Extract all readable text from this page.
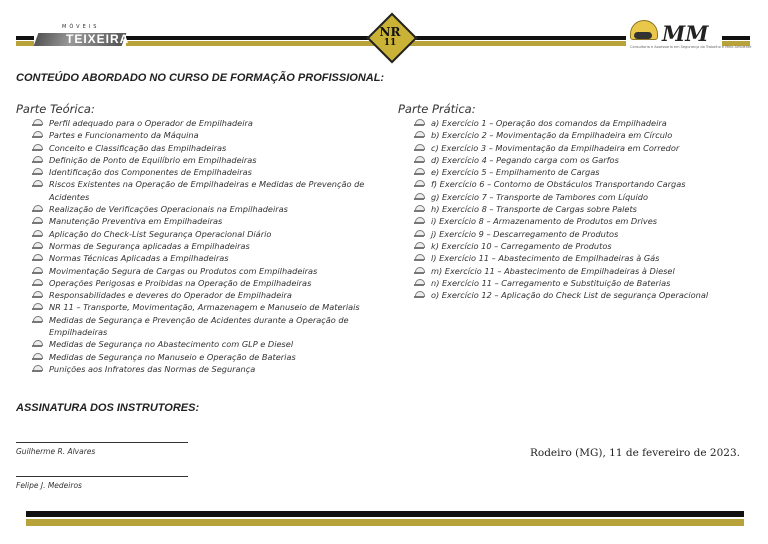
MÓVEIS
TEIXEIRA	NR
11	MM
Consultoria e Assessoria em Segurança do Trabalho e Meio Ambiente
CONTEÚDO ABORDADO NO CURSO DE FORMAÇÃO PROFISSIONAL:
Parte Teórica:
Perfil adequado para o Operador de Empilhadeira
Partes e Funcionamento da Máquina
Conceito e Classificação das Empilhadeiras
Definição de Ponto de Equilíbrio em Empilhadeiras
Identificação dos Componentes de Empilhadeiras
Riscos Existentes na Operação de Empilhadeiras e Medidas de Prevenção de Acidentes
Realização de Verificações Operacionais na Empilhadeiras
Manutenção Preventiva em Empilhadeiras
Aplicação do Check-List Segurança Operacional Diário
Normas de Segurança aplicadas a Empilhadeiras
Normas Técnicas Aplicadas a Empilhadeiras
Movimentação Segura de Cargas ou Produtos com Empilhadeiras
Operações Perigosas e Proibidas na Operação de Empilhadeiras
Responsabilidades e deveres do Operador de Empilhadeira
NR 11 – Transporte, Movimentação, Armazenagem e Manuseio de Materiais
Medidas de Segurança e Prevenção de Acidentes durante a Operação de Empilhadeiras
Medidas de Segurança no Abastecimento com GLP e Diesel
Medidas de Segurança no Manuseio e Operação de Baterias
Punições aos Infratores das Normas de Segurança
Parte Prática:
a) Exercício 1 – Operação dos comandos da Empilhadeira
b) Exercício 2 – Movimentação da Empilhadeira em Círculo
c) Exercício 3 – Movimentação da Empilhadeira em Corredor
d) Exercício 4 – Pegando carga com os Garfos
e) Exercício 5 – Empilhamento de Cargas
f) Exercício 6 – Contorno de Obstáculos Transportando Cargas
g) Exercício 7 – Transporte de Tambores com Líquido
h) Exercício 8 – Transporte de Cargas sobre Palets
i) Exercício 8 – Armazenamento de Produtos em Drives
j) Exercício 9 – Descarregamento de Produtos
k) Exercício 10 – Carregamento de Produtos
l) Exercício 11 – Abastecimento de Empilhadeiras à Gás
m) Exercício 11 – Abastecimento de Empilhadeiras à Diesel
n) Exercício 11 – Carregamento e Substituição de Baterias
o) Exercício 12 – Aplicação do Check List de segurança Operacional
ASSINATURA DOS INSTRUTORES:
Guilherme R. Alvares
Felipe J. Medeiros
Rodeiro (MG), 11 de fevereiro de 2023.
